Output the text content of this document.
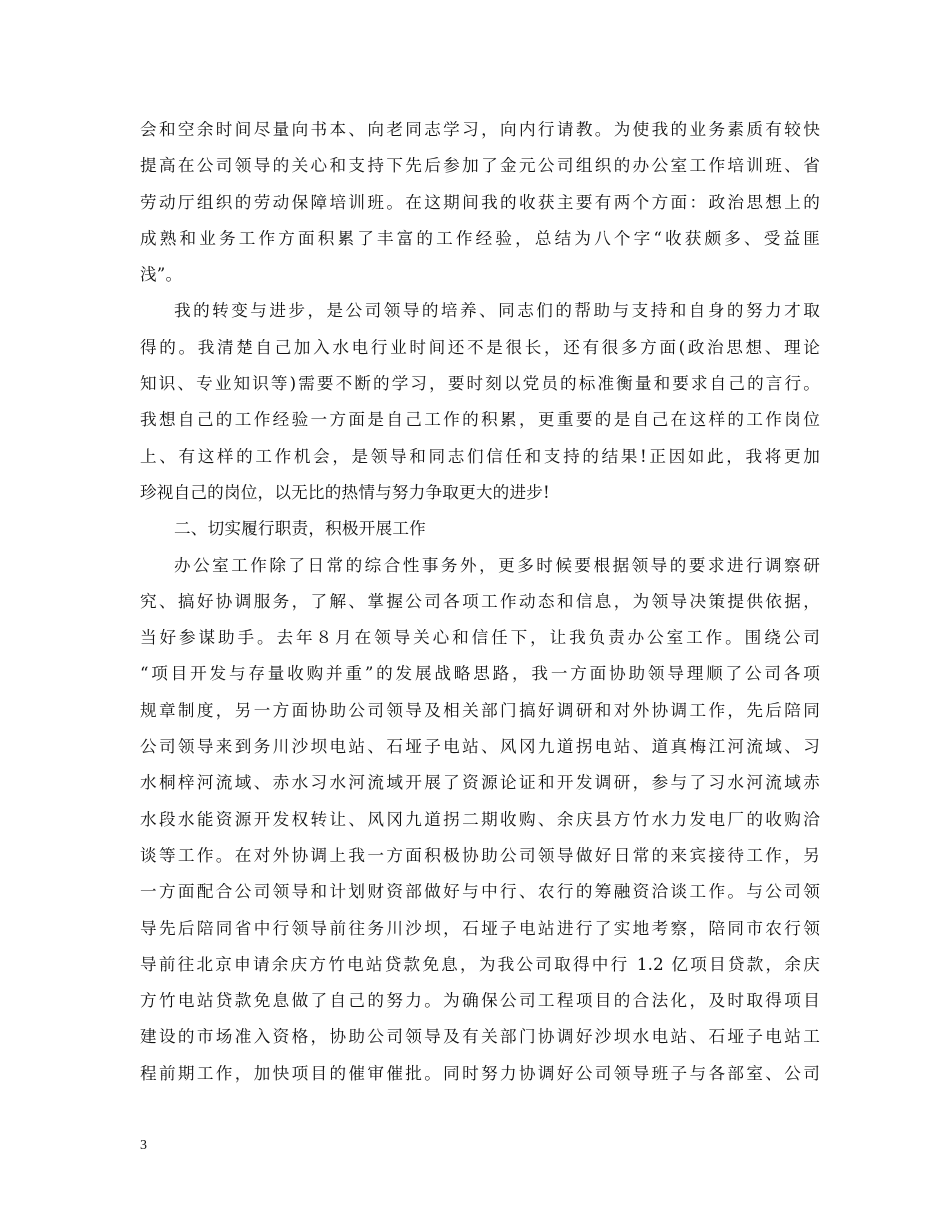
会和空余时间尽量向书本、向老同志学习，向内行请教。为使我的业务素质有较快
提高在公司领导的关心和支持下先后参加了金元公司组织的办公室工作培训班、省
劳动厅组织的劳动保障培训班。在这期间我的收获主要有两个方面：政治思想上的
成熟和业务工作方面积累了丰富的工作经验，总结为八个字“收获颇多、受益匪
浅”。
我的转变与进步，是公司领导的培养、同志们的帮助与支持和自身的努力才取
得的。我清楚自己加入水电行业时间还不是很长，还有很多方面(政治思想、理论
知识、专业知识等)需要不断的学习，要时刻以党员的标准衡量和要求自己的言行。
我想自己的工作经验一方面是自己工作的积累，更重要的是自己在这样的工作岗位
上、有这样的工作机会，是领导和同志们信任和支持的结果!正因如此，我将更加
珍视自己的岗位，以无比的热情与努力争取更大的进步!
二、切实履行职责，积极开展工作
办公室工作除了日常的综合性事务外，更多时候要根据领导的要求进行调察研
究、搞好协调服务，了解、掌握公司各项工作动态和信息，为领导决策提供依据，
当好参谋助手。去年８月在领导关心和信任下，让我负责办公室工作。围绕公司
“项目开发与存量收购并重”的发展战略思路，我一方面协助领导理顺了公司各项
规章制度，另一方面协助公司领导及相关部门搞好调研和对外协调工作，先后陪同
公司领导来到务川沙坝电站、石垭子电站、风冈九道拐电站、道真梅江河流域、习
水桐梓河流域、赤水习水河流域开展了资源论证和开发调研，参与了习水河流域赤
水段水能资源开发权转让、风冈九道拐二期收购、余庆县方竹水力发电厂的收购洽
谈等工作。在对外协调上我一方面积极协助公司领导做好日常的来宾接待工作，另
一方面配合公司领导和计划财资部做好与中行、农行的筹融资洽谈工作。与公司领
导先后陪同省中行领导前往务川沙坝，石垭子电站进行了实地考察，陪同市农行领
导前往北京申请余庆方竹电站贷款免息，为我公司取得中行 1.2 亿项目贷款，余庆
方竹电站贷款免息做了自己的努力。为确保公司工程项目的合法化，及时取得项目
建设的市场准入资格，协助公司领导及有关部门协调好沙坝水电站、石垭子电站工
程前期工作，加快项目的催审催批。同时努力协调好公司领导班子与各部室、公司
3
